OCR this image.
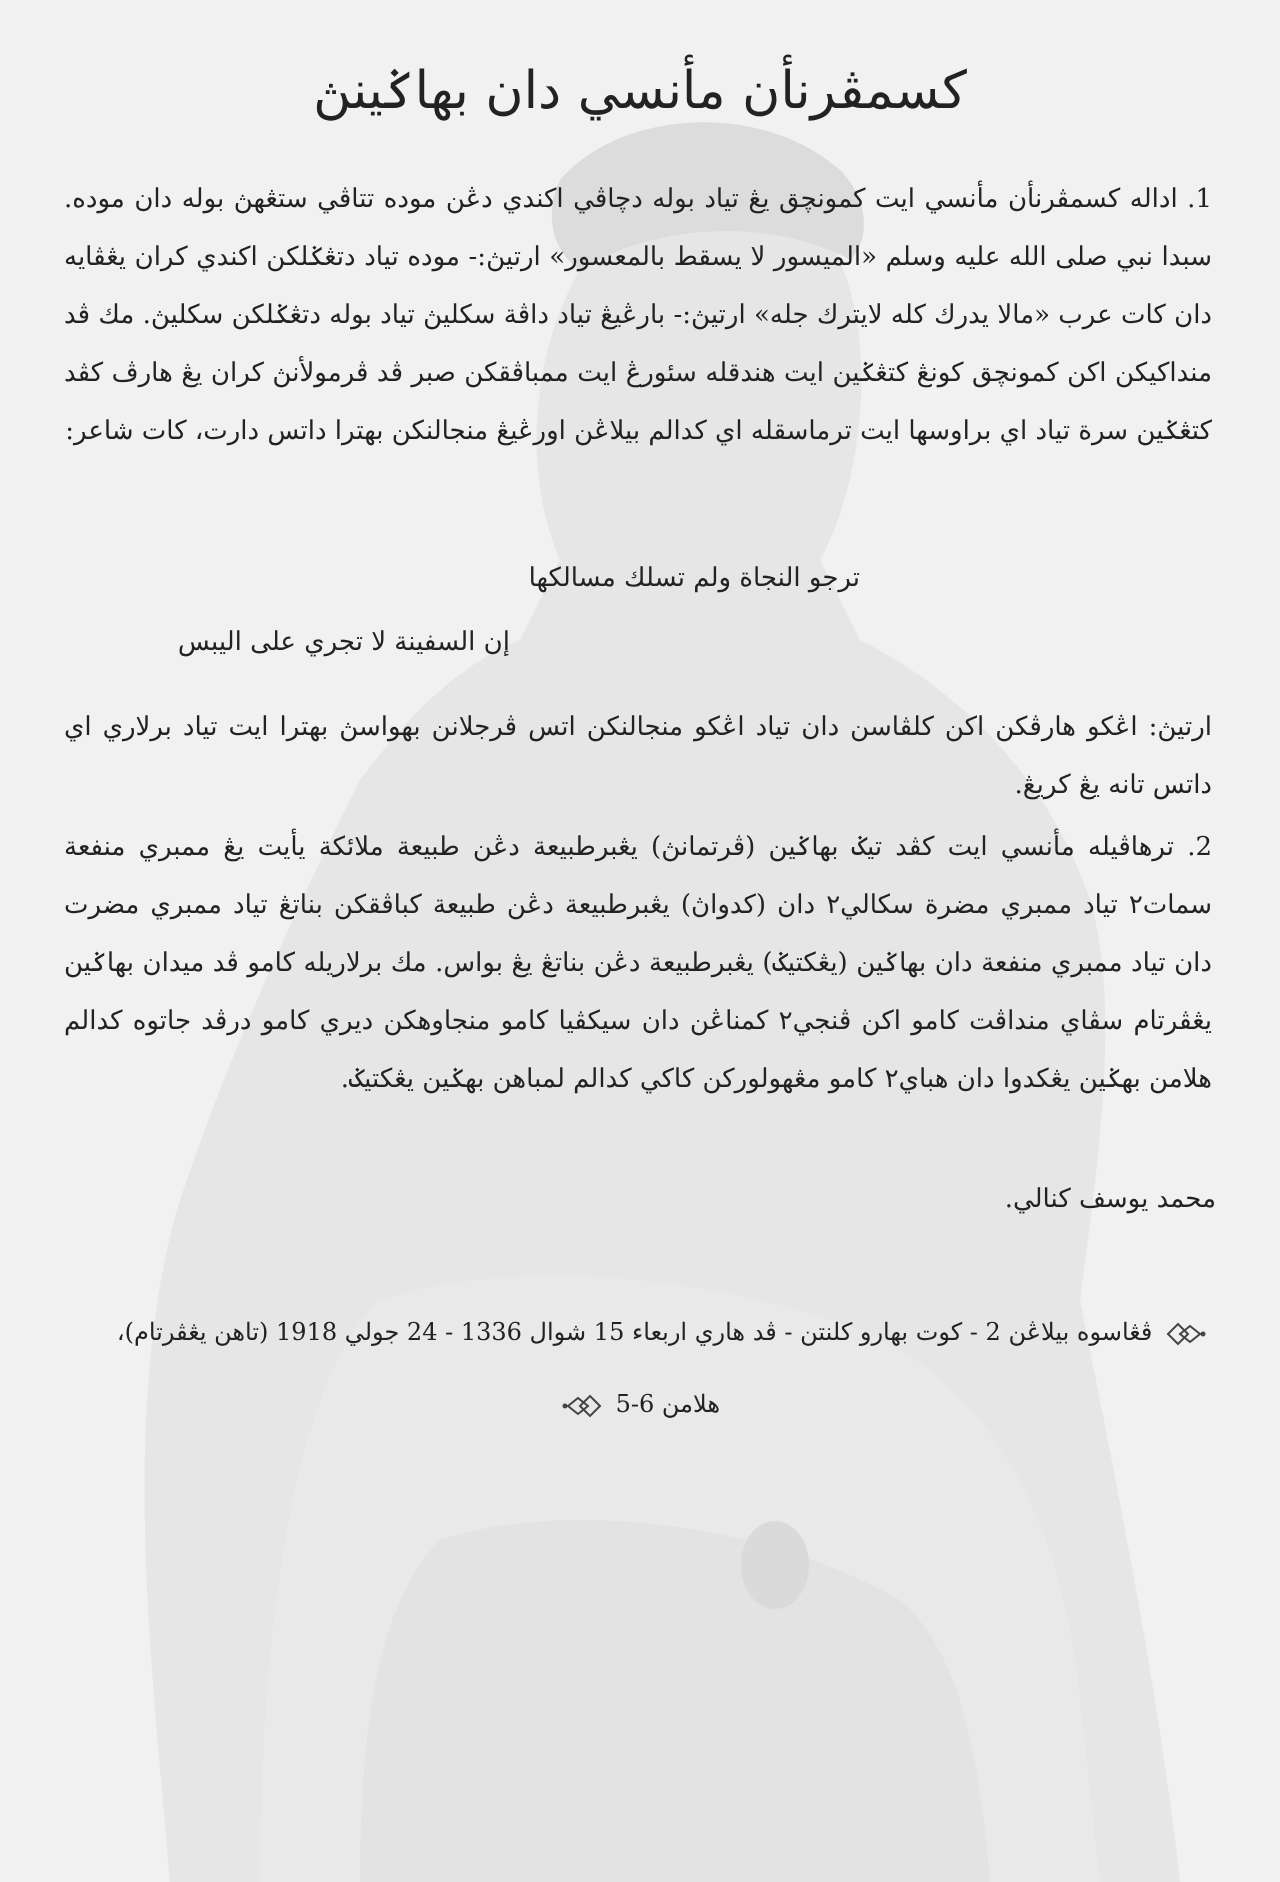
كسمڤرنأن مأنسي دان بهاݢينڽ

1. اداله كسمڤرنأن مأنسي ايت كمونچق يڠ تياد بوله دچاڤي اكندي دڠن موده تتاڤي ستڠهڽ بوله دان موده. سبدا نبي صلى الله عليه وسلم «الميسور لا يسقط بالمعسور» ارتيڽ:- موده تياد دتڠݢلکن اكندي كران يڠڤايه دان كات عرب «مالا يدرك كله لايترك جله» ارتيڽ:- بارڠيڠ تياد داڤة سكليڽ تياد بوله دتڠݢلكن سكليڽ. مك ڤد منداكيكن اكن كمونچق كونڠ كتڠݢين ايت هندقله سئورڠ ايت ممباڤقكن صبر ڤد ڤرمولأنڽ كران يڠ هارڤ كڤد كتڠݢين سرة تياد اي براوسها ايت ترماسقله اي كدالم بيلاڠن اورڠيڠ منجالنكن بهترا داتس دارت، كات شاعر:

ترجو النجاة ولم تسلك مسالكها

إن السفينة لا تجري على اليبس

ارتيڽ: اڠكو هارڤكن اكن كلڤاسن دان تياد اڠكو منجالنكن اتس ڤرجلانن بهواسڽ بهترا ايت تياد برلاري اي داتس تانه يڠ كريڠ.

2. ترهاڤيله مأنسي ايت كڤد تيݢ بهاݢين (ڤرتمانڽ) يڠبرطبيعة دڠن طبيعة ملائكة يأيت يڠ ممبري منفعة سمات٢ تياد ممبري مضرة سكالي٢ دان (كدواڽ) يڠبرطبيعة دڠن طبيعة كباڤقكن بناتڠ تياد ممبري مضرت دان تياد ممبري منفعة دان بهاݢين (يڠكتيݢ) يڠبرطبيعة دڠن بناتڠ يڠ بواس. مك برلاريله كامو ڤد ميدان بهاݢين يڠڤرتام سڤاي منداڤت كامو اكن ڤنجي٢ كمناڠن دان سيكڤيا كامو منجاوهكن ديري كامو درڤد جاتوه كدالم هلامن بهݢين يڠكدوا دان هباي٢ كامو مڠهولوركن كاكي كدالم لمباهن بهݢين يڠكتيݢ.

محمد يوسف كنالي.

ڤڠاسوه بيلاڠن 2 - كوت بهارو كلنتن - ڤد هاري اربعاء 15 شوال 1336 - 24 جولي 1918 (تاهن يڠڤرتام)،

هلامن 6-5
